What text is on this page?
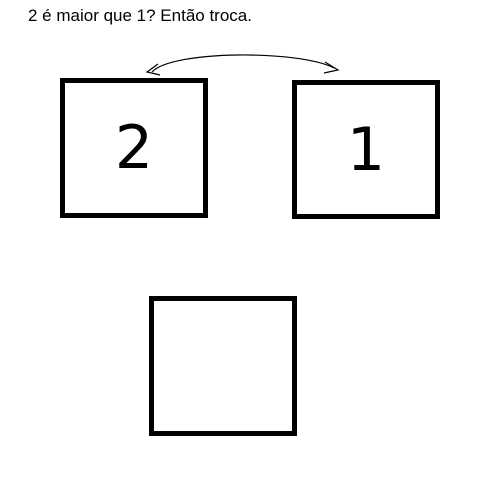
2 é maior que 1? Então troca.
2	1
